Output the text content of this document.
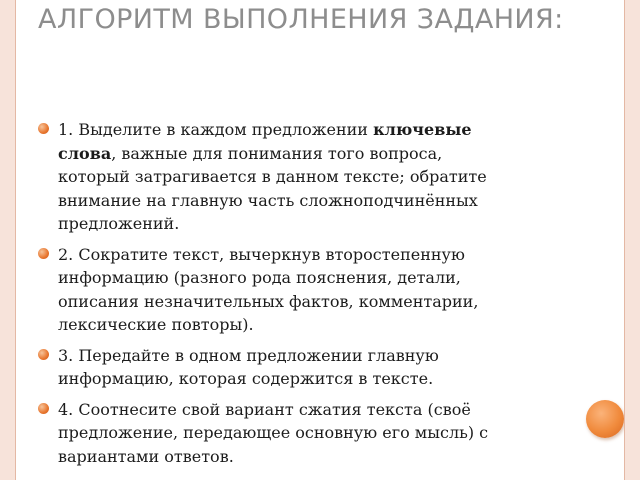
АЛГОРИТМ ВЫПОЛНЕНИЯ ЗАДАНИЯ:
1. Выделите в каждом предложении ключевые слова, важные для понимания того вопроса, который затрагивается в данном тексте; обратите внимание на главную часть сложноподчинённых предложений.
2. Сократите текст, вычеркнув второстепенную информацию (разного рода пояснения, детали, описания незначительных фактов, комментарии, лексические повторы).
3. Передайте в одном предложении главную информацию, которая содержится в тексте.
4. Соотнесите свой вариант сжатия текста (своё предложение, передающее основную его мысль) с вариантами ответов.
